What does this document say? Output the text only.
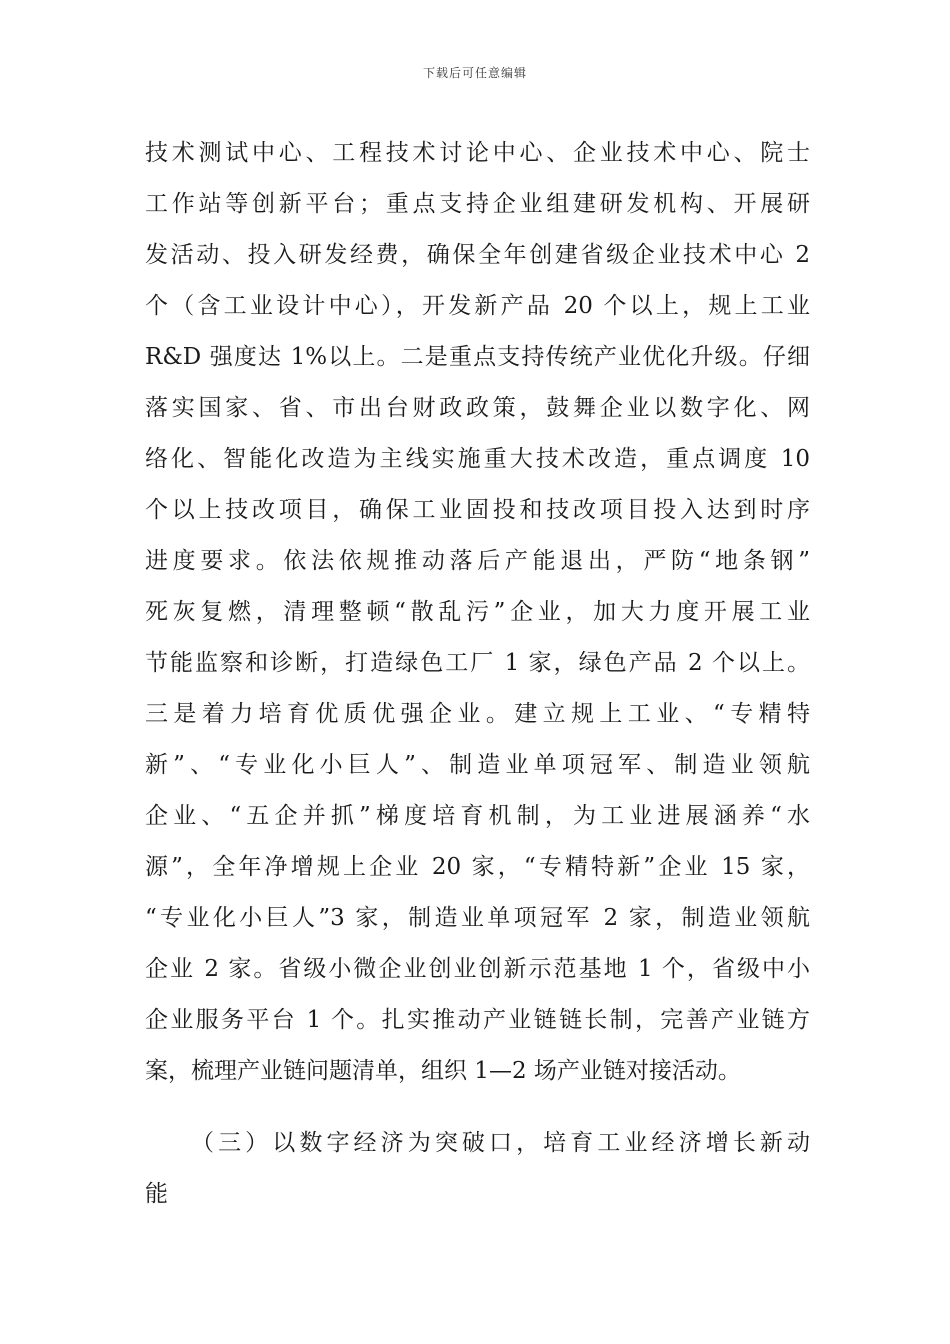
下载后可任意编辑
技术测试中心、工程技术讨论中心、企业技术中心、院士
工作站等创新平台；重点支持企业组建研发机构、开展研
发活动、投入研发经费，确保全年创建省级企业技术中心 2
个（含工业设计中心），开发新产品 20 个以上，规上工业
R&D 强度达 1%以上。二是重点支持传统产业优化升级。仔细
落实国家、省、市出台财政政策，鼓舞企业以数字化、网
络化、智能化改造为主线实施重大技术改造，重点调度 10
个以上技改项目，确保工业固投和技改项目投入达到时序
进度要求。依法依规推动落后产能退出，严防“地条钢”
死灰复燃，清理整顿“散乱污”企业，加大力度开展工业
节能监察和诊断，打造绿色工厂 1 家，绿色产品 2 个以上。
三是着力培育优质优强企业。建立规上工业、“专精特
新”、“专业化小巨人”、制造业单项冠军、制造业领航
企业、“五企并抓”梯度培育机制，为工业进展涵养“水
源”，全年净增规上企业 20 家，“专精特新”企业 15 家，
“专业化小巨人”3 家，制造业单项冠军 2 家，制造业领航
企业 2 家。省级小微企业创业创新示范基地 1 个，省级中小
企业服务平台 1 个。扎实推动产业链链长制，完善产业链方
案，梳理产业链问题清单，组织 1—2 场产业链对接活动。
（三）以数字经济为突破口，培育工业经济增长新动
能
